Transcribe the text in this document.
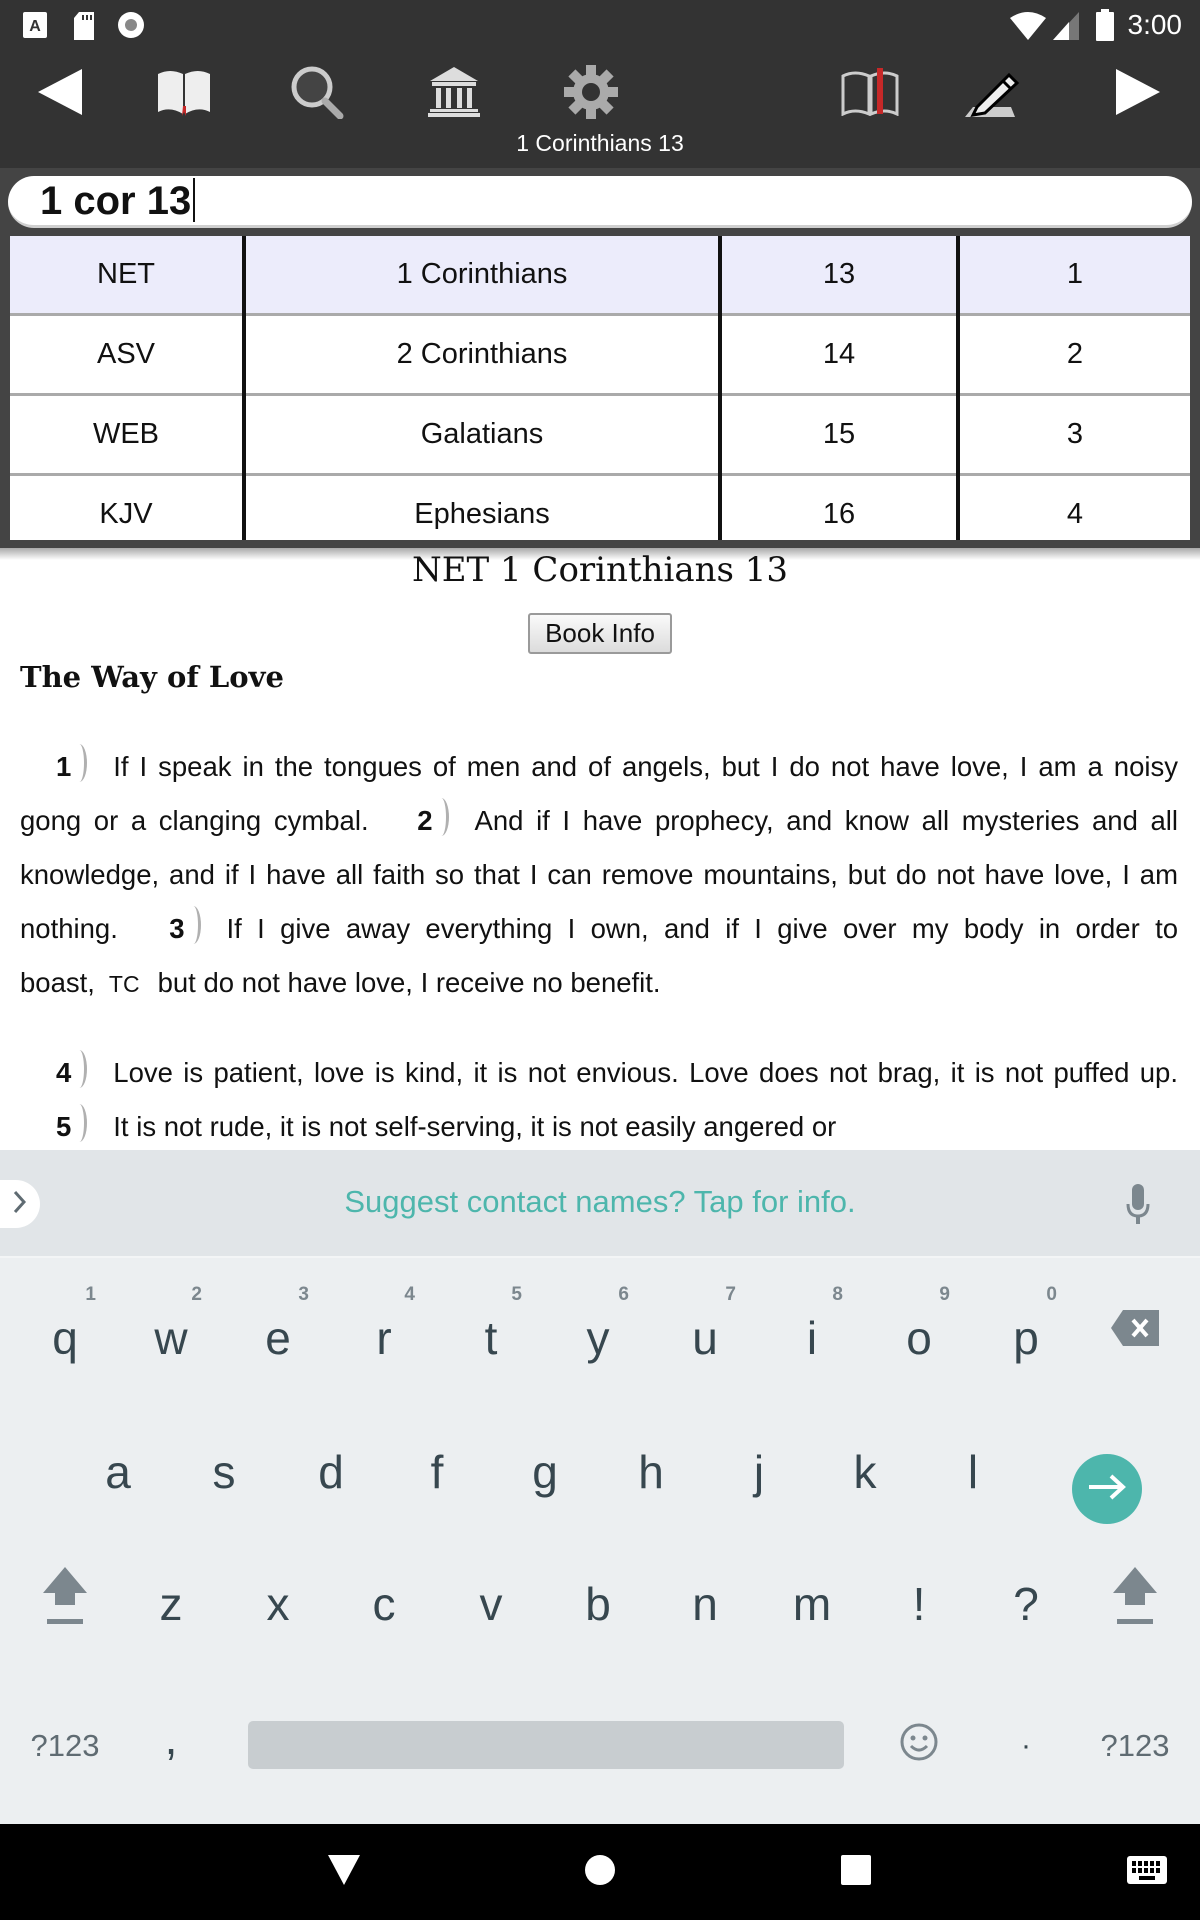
A	3:00
1 Corinthians 13
1 cor 13
NET
ASV
WEB
KJV
1 Corinthians
2 Corinthians
Galatians
Ephesians
13
14
15
16
1
2
3
4
NET 1 Corinthians 13
Book Info
The Way of Love
1 If I speak in the tongues of men and of angels, but I do not have love, I am a noisy gong or a clanging cymbal. 2 And if I have prophecy, and know all mysteries and all knowledge, and if I have all faith so that I can remove mountains, but do not have love, I am nothing. 3 If I give away everything I own, and if I give over my body in order to boast, TC but do not have love, I receive no benefit.
4 Love is patient, love is kind, it is not envious. Love does not brag, it is not puffed up. 5 It is not rude, it is not self-serving, it is not easily angered or
Suggest contact names? Tap for info.
1
q
2
w
3
e
4
r
5
t
6
y
7
u
8
i
9
o
0
p
a s d f g h j k l
z x c v b n m ! ?
?123 ,	· ?123
